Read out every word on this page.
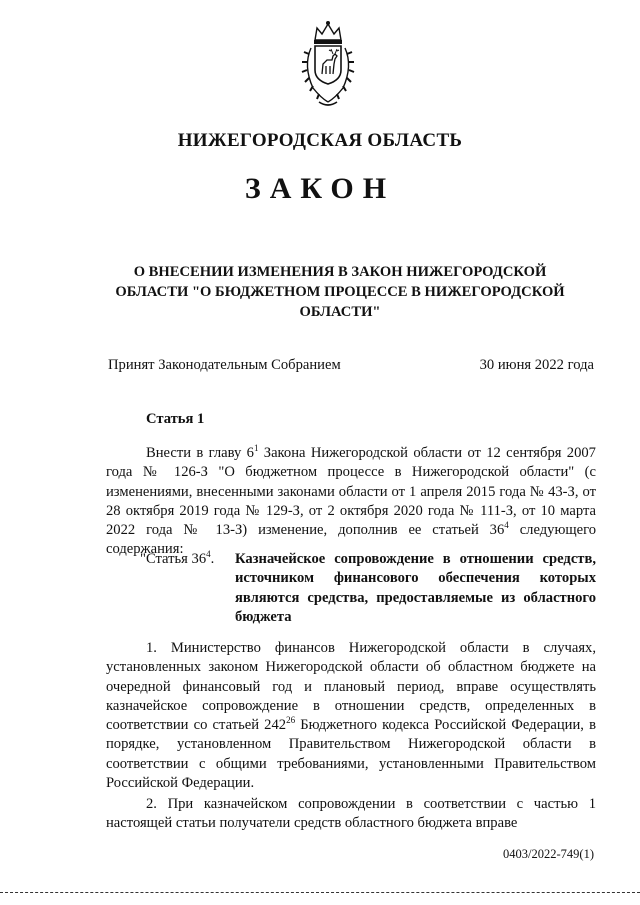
НИЖЕГОРОДСКАЯ ОБЛАСТЬ
ЗАКОН
О ВНЕСЕНИИ ИЗМЕНЕНИЯ В ЗАКОН НИЖЕГОРОДСКОЙ ОБЛАСТИ "О БЮДЖЕТНОМ ПРОЦЕССЕ В НИЖЕГОРОДСКОЙ ОБЛАСТИ"
Принят Законодательным Собранием	30 июня 2022 года
Статья 1
Внести в главу $6^1$ Закона Нижегородской области от 12 сентября 2007 года № 126-З "О бюджетном процессе в Нижегородской области" (с изменениями, внесенными законами области от 1 апреля 2015 года № 43-З, от 28 октября 2019 года № 129-З, от 2 октября 2020 года № 111-З, от 10 марта 2022 года № 13-З) изменение, дополнив ее статьей $36^4$ следующего содержания:
"Статья $36^4$.	Казначейское сопровождение в отношении средств, источником финансового обеспечения которых являются средства, предоставляемые из областного бюджета
1. Министерство финансов Нижегородской области в случаях, установленных законом Нижегородской области об областном бюджете на очередной финансовый год и плановый период, вправе осуществлять казначейское сопровождение в отношении средств, определенных в соответствии со статьей $242^{26}$ Бюджетного кодекса Российской Федерации, в порядке, установленном Правительством Нижегородской области в соответствии с общими требованиями, установленными Правительством Российской Федерации.
2. При казначейском сопровождении в соответствии с частью 1 настоящей статьи получатели средств областного бюджета вправе
0403/2022-749(1)
